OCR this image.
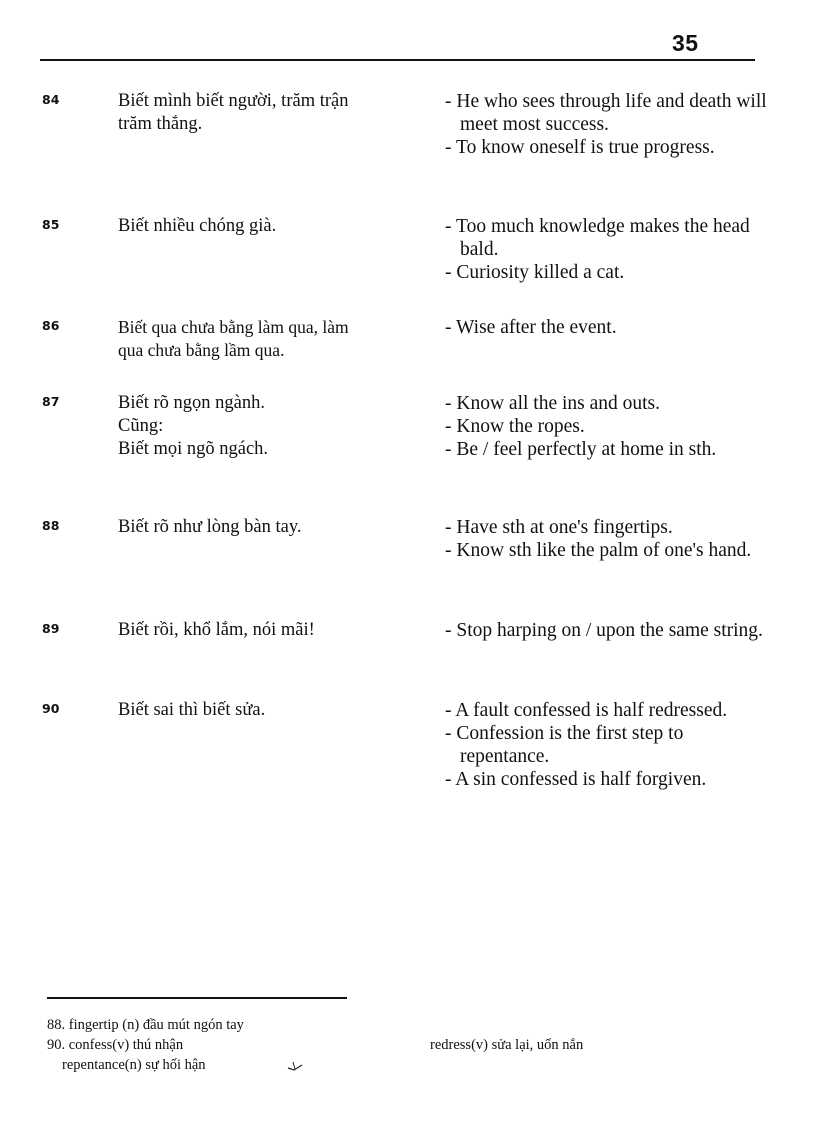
35
84	Biết mình biết người, trăm trận
trăm thắng.
- He who sees through life and death will meet most success.
- To know oneself is true progress.
85	Biết nhiều chóng già.	- Too much knowledge makes the head bald.
- Curiosity killed a cat.
86	Biết qua chưa bằng làm qua, làm
qua chưa bằng lầm qua.
- Wise after the event.
87	Biết rõ ngọn ngành.
Cũng:
Biết mọi ngõ ngách.
- Know all the ins and outs.
- Know the ropes.
- Be / feel perfectly at home in sth.
88	Biết rõ như lòng bàn tay.	- Have sth at one's fingertips.
- Know sth like the palm of one's hand.
89	Biết rồi, khổ lắm, nói mãi!	- Stop harping on / upon the same string.
90	Biết sai thì biết sửa.	- A fault confessed is half redressed.
- Confession is the first step to repentance.
- A sin confessed is half forgiven.
88. fingertip (n) đầu mút ngón tay
90. confess(v) thú nhận	redress(v) sửa lại, uốn nắn
repentance(n) sự hối hận
